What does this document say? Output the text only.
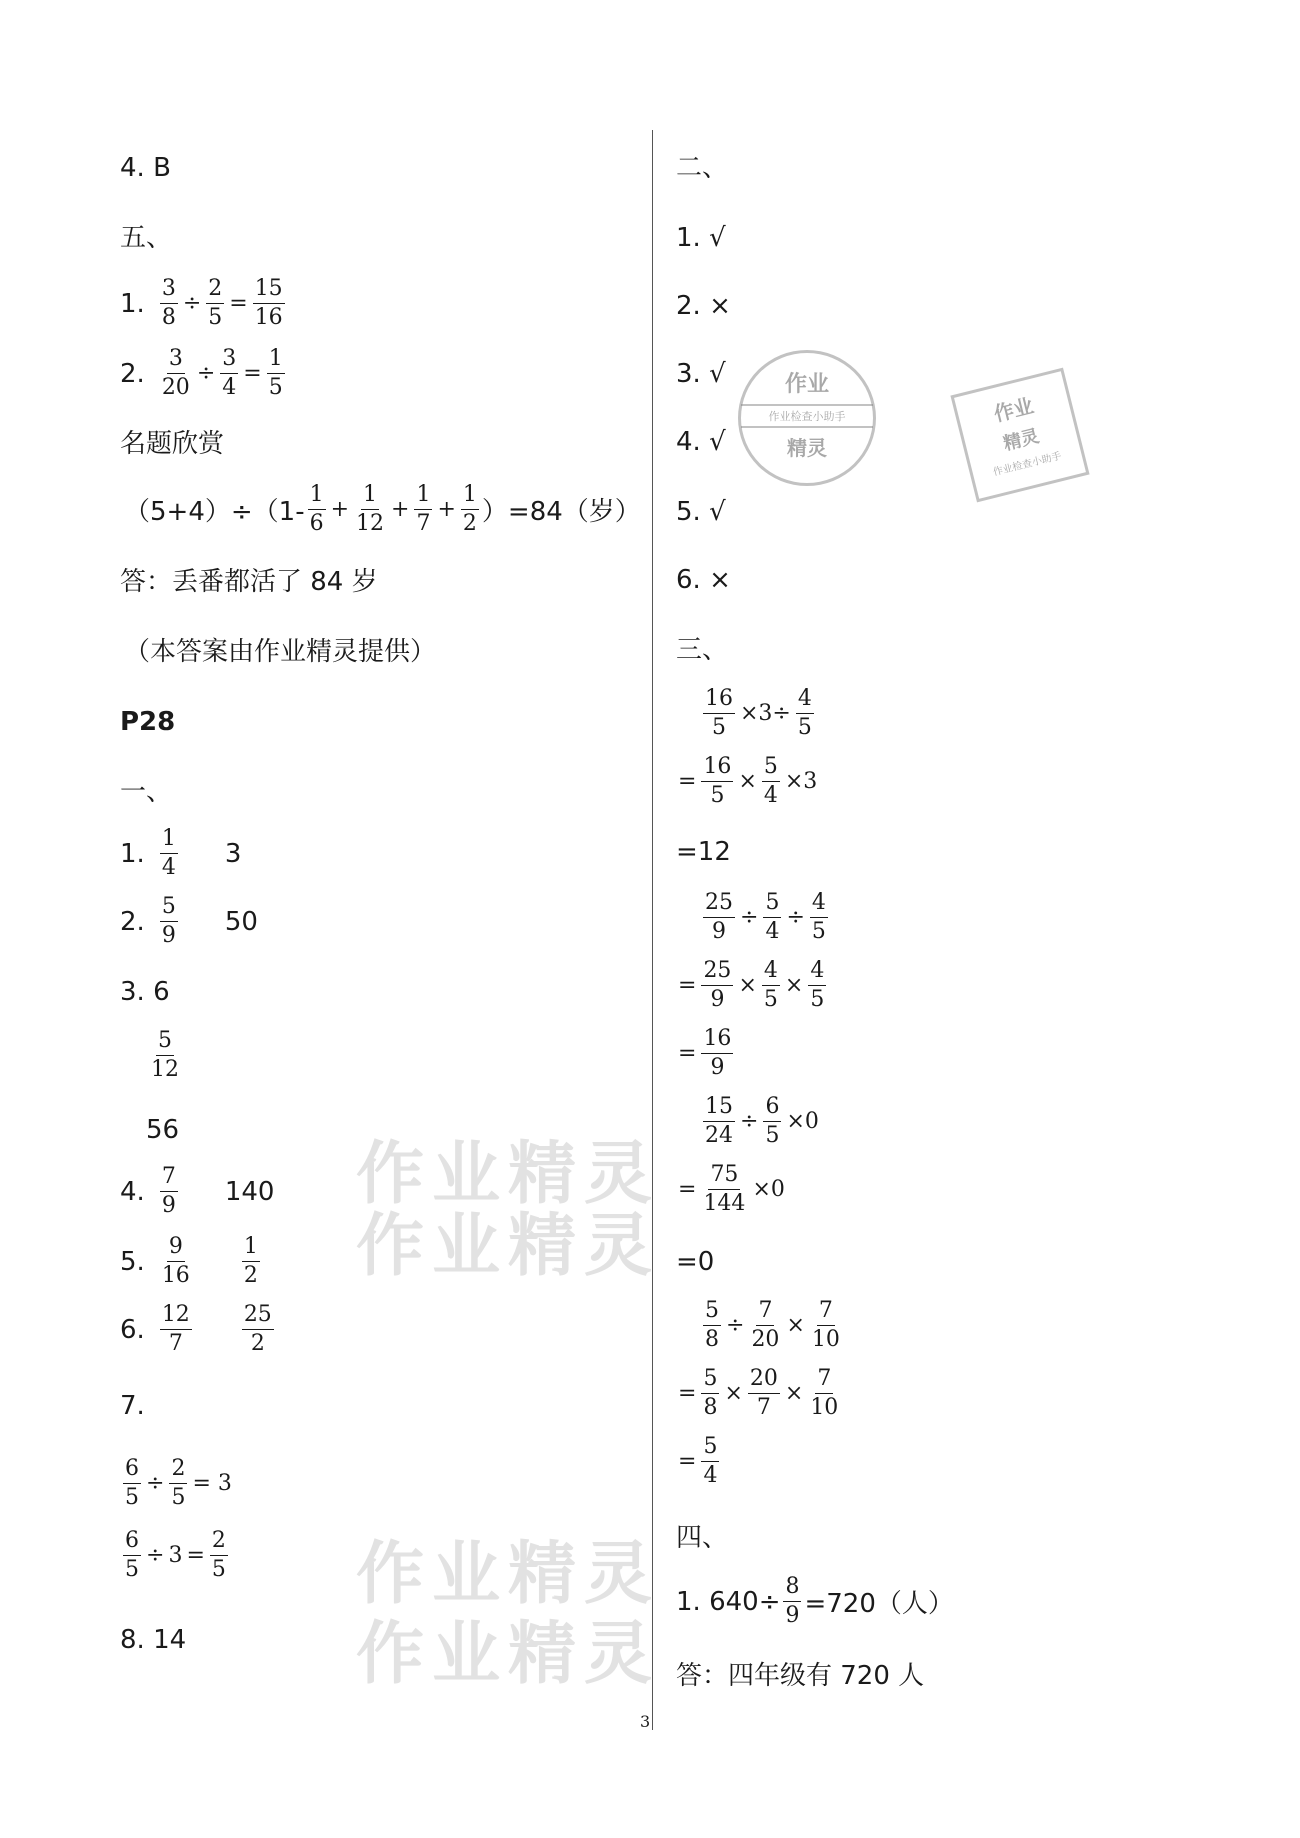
4. B
五、
1. $\frac{3}{8} \div \frac{2}{5} = \frac{15}{16}$
2. $\frac{3}{20} \div \frac{3}{4} = \frac{1}{5}$
名题欣赏
$(5+4)\div(1- \frac{1}{6} + \frac{1}{12} + \frac{1}{7} + \frac{1}{2} )=84$（岁）
答：丢番都活了 84 岁
（本答案由作业精灵提供）
P28
一、
1. $\frac{1}{4} 3$
2. $\frac{5}{9} 50$
3. 6
$\frac{5}{12}$
56
4. $\frac{7}{9} 140$
5. $\frac{9}{16} \frac{1}{2}$
6. $\frac{12}{7} \frac{25}{2}$
7.
$\frac{6}{5} \div \frac{2}{5} = 3$
$\frac{6}{5} \div 3 = \frac{2}{5}$
8. 14
二、
1. √
2. ×
3. √
4. √
5. √
6. ×
三、
$\frac{16}{5} \times 3\div \frac{4}{5}$
= $\frac{16}{5} \times \frac{5}{4} \times 3$
=12
$\frac{25}{9} \div \frac{5}{4} \div \frac{4}{5}$
= $\frac{25}{9} \times \frac{4}{5} \times \frac{4}{5}$
= $\frac{16}{9}$
$\frac{15}{24} \div \frac{6}{5} \times 0$
= $\frac{75}{144} \times 0$
=0
$\frac{5}{8} \div \frac{7}{20} \times \frac{7}{10}$
= $\frac{5}{8} \times \frac{20}{7} \times \frac{7}{10}$
= $\frac{5}{4}$
四、
1. $640\div \frac{8}{9} =720$（人）
答：四年级有 720 人
作业精灵
作业精灵
作业精灵
作业精灵
作业
作业检查小助手
精灵
作业
精灵
作业检查小助手
3
